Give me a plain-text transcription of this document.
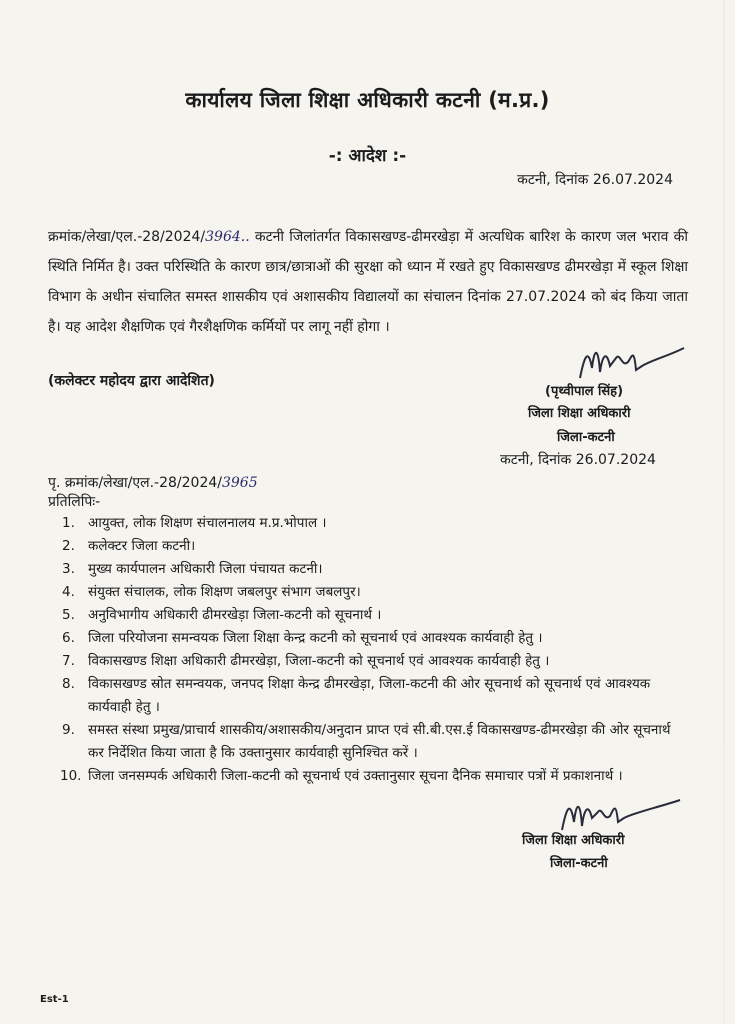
कार्यालय जिला शिक्षा अधिकारी कटनी (म.प्र.)
-: आदेश :-
कटनी, दिनांक 26.07.2024
क्रमांक/लेखा/एल.-28/2024/3964.. कटनी जिलांतर्गत विकासखण्ड-ढीमरखेड़ा में अत्यधिक बारिश के कारण जल भराव की स्थिति निर्मित है। उक्त परिस्थिति के कारण छात्र/छात्राओं की सुरक्षा को ध्यान में रखते हुए विकासखण्ड ढीमरखेड़ा में स्कूल शिक्षा विभाग के अधीन संचालित समस्त शासकीय एवं अशासकीय विद्यालयों का संचालन दिनांक 27.07.2024 को बंद किया जाता है। यह आदेश शैक्षणिक एवं गैरशैक्षणिक कर्मियों पर लागू नहीं होगा ।
(कलेक्टर महोदय द्वारा आदेशित)
(पृथ्वीपाल सिंह)
जिला शिक्षा अधिकारी
जिला-कटनी
कटनी, दिनांक 26.07.2024
पृ. क्रमांक/लेखा/एल.-28/2024/3965
प्रतिलिपिः-
1. आयुक्त, लोक शिक्षण संचालनालय म.प्र.भोपाल ।
2. कलेक्टर जिला कटनी।
3. मुख्य कार्यपालन अधिकारी जिला पंचायत कटनी।
4. संयुक्त संचालक, लोक शिक्षण जबलपुर संभाग जबलपुर।
5. अनुविभागीय अधिकारी ढीमरखेड़ा जिला-कटनी को सूचनार्थ ।
6. जिला परियोजना समन्वयक जिला शिक्षा केन्द्र कटनी को सूचनार्थ एवं आवश्यक कार्यवाही हेतु ।
7. विकासखण्ड शिक्षा अधिकारी ढीमरखेड़ा, जिला-कटनी को सूचनार्थ एवं आवश्यक कार्यवाही हेतु ।
8. विकासखण्ड स्रोत समन्वयक, जनपद शिक्षा केन्द्र ढीमरखेड़ा, जिला-कटनी की ओर सूचनार्थ को सूचनार्थ एवं आवश्यक कार्यवाही हेतु ।
9. समस्त संस्था प्रमुख/प्राचार्य शासकीय/अशासकीय/अनुदान प्राप्त एवं सी.बी.एस.ई विकासखण्ड-ढीमरखेड़ा की ओर सूचनार्थ कर निर्देशित किया जाता है कि उक्तानुसार कार्यवाही सुनिश्चित करें ।
10. जिला जनसम्पर्क अधिकारी जिला-कटनी को सूचनार्थ एवं उक्तानुसार सूचना दैनिक समाचार पत्रों में प्रकाशनार्थ ।
जिला शिक्षा अधिकारी
जिला-कटनी
Est-1
